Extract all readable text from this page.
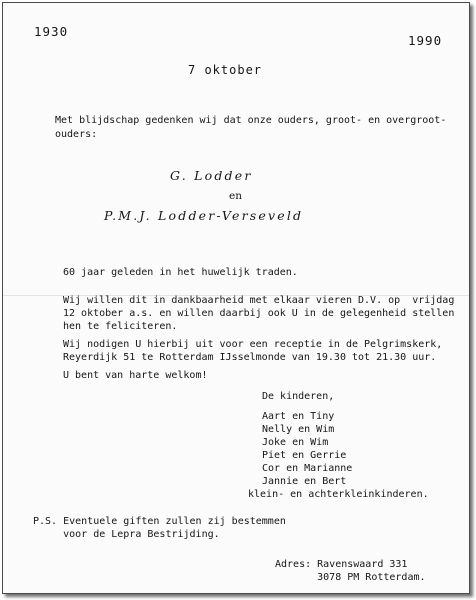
1930
1990
7 oktober
Met blijdschap gedenken wij dat onze ouders, groot- en overgroot-
ouders:
G. Lodder
en
P.M.J. Lodder-Verseveld
60 jaar geleden in het huwelijk traden.
Wij willen dit in dankbaarheid met elkaar vieren D.V. op  vrijdag
12 oktober a.s. en willen daarbij ook U in de gelegenheid stellen
hen te feliciteren.
Wij nodigen U hierbij uit voor een receptie in de Pelgrimskerk,
Reyerdijk 51 te Rotterdam IJsselmonde van 19.30 tot 21.30 uur.
U bent van harte welkom!
De kinderen,
Aart en Tiny
Nelly en Wim
Joke en Wim
Piet en Gerrie
Cor en Marianne
Jannie en Bert
klein- en achterkleinkinderen.
P.S. Eventuele giften zullen zij bestemmen
voor de Lepra Bestrijding.
Adres: Ravenswaard 331
3078 PM Rotterdam.
